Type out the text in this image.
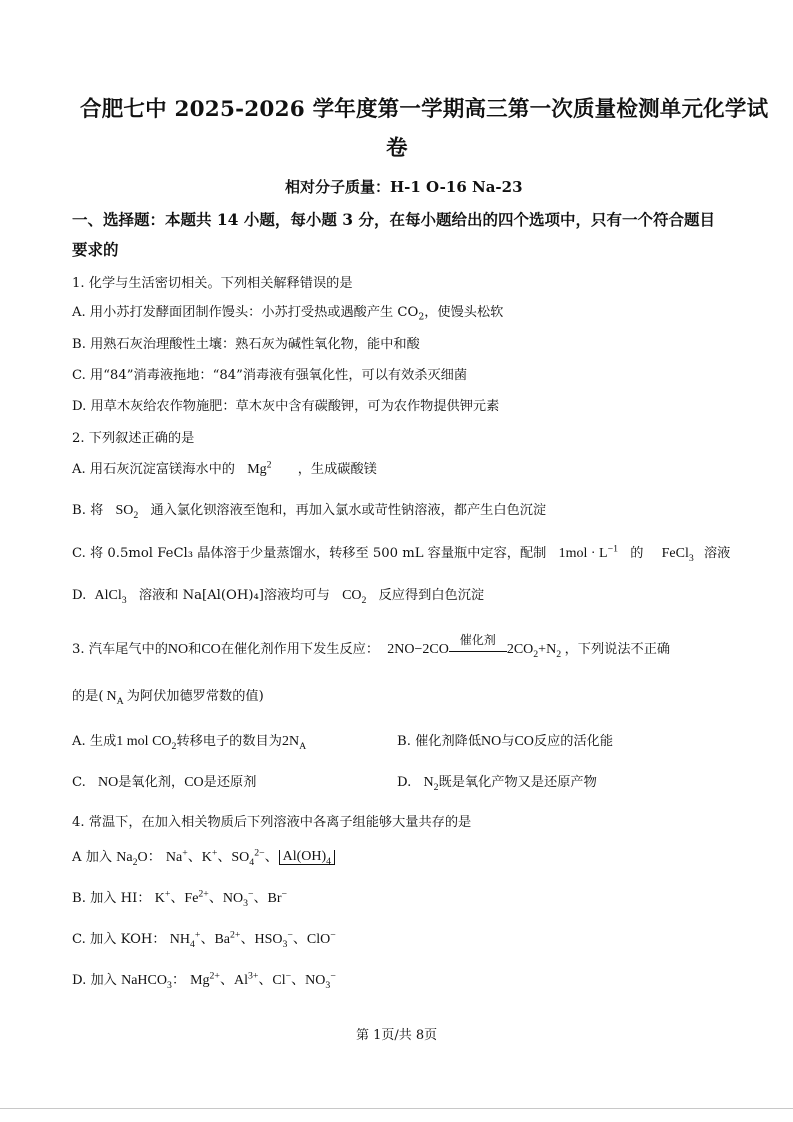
合肥七中 2025-2026 学年度第一学期高三第一次质量检测单元化学试
卷
相对分子质量：H-1 O-16 Na-23
一、选择题：本题共 14 小题，每小题 3 分，在每小题给出的四个选项中，只有一个符合题目
要求的
1. 化学与生活密切相关。下列相关解释错误的是
A. 用小苏打发酵面团制作馒头：小苏打受热或遇酸产生 $CO_2$，使馒头松软
B. 用熟石灰治理酸性土壤：熟石灰为碱性氧化物，能中和酸
C. 用“84”消毒液拖地：“84”消毒液有强氧化性，可以有效杀灭细菌
D. 用草木灰给农作物施肥：草木灰中含有碳酸钾，可为农作物提供钾元素
2. 下列叙述正确的是
A. 用石灰沉淀富镁海水中的 Mg$^2$ ，生成碳酸镁
B. 将 $SO_2$ 通入氯化钡溶液至饱和，再加入氯水或苛性钠溶液，都产生白色沉淀
C. 将 0.5mol FeCl₃ 晶体溶于少量蒸馏水，转移至 500 mL 容量瓶中定容，配制 $1mol \cdot L^{-1}$ 的 FeCl$_3$ 溶液
D. AlCl$_3$ 溶液和 Na[Al(OH)₄]溶液均可与 $CO_2$ 反应得到白色沉淀
3. 汽车尾气中的NO和CO在催化剂作用下发生反应： 2NO−2CO
催化剂
$2CO_2+N_2$ ，下列说法不正确
的是( $N_A$ 为阿伏加德罗常数的值)
A. 生成1 mol $CO_2$转移电子的数目为$2N_A$	B. 催化剂降低NO与CO反应的活化能
C. NO是氧化剂，CO是还原剂	D. $N_2$既是氧化产物又是还原产物
4. 常温下，在加入相关物质后下列溶液中各离子组能够大量共存的是
A 加入 $Na_2O$： Na+、K+、$SO_4^{2-}$、 $Al(OH)_4$
B. 加入 HI： K+、$Fe^{2+}$、$NO_3^-$、Br−
C. 加入 KOH： $NH_4^+$、$Ba^{2+}$、$HSO_3^-$、ClO−
D. 加入 NaHCO$_3$： $Mg^{2+}$、$Al^{3+}$、Cl−、$NO_3^-$
第 1页/共 8页
